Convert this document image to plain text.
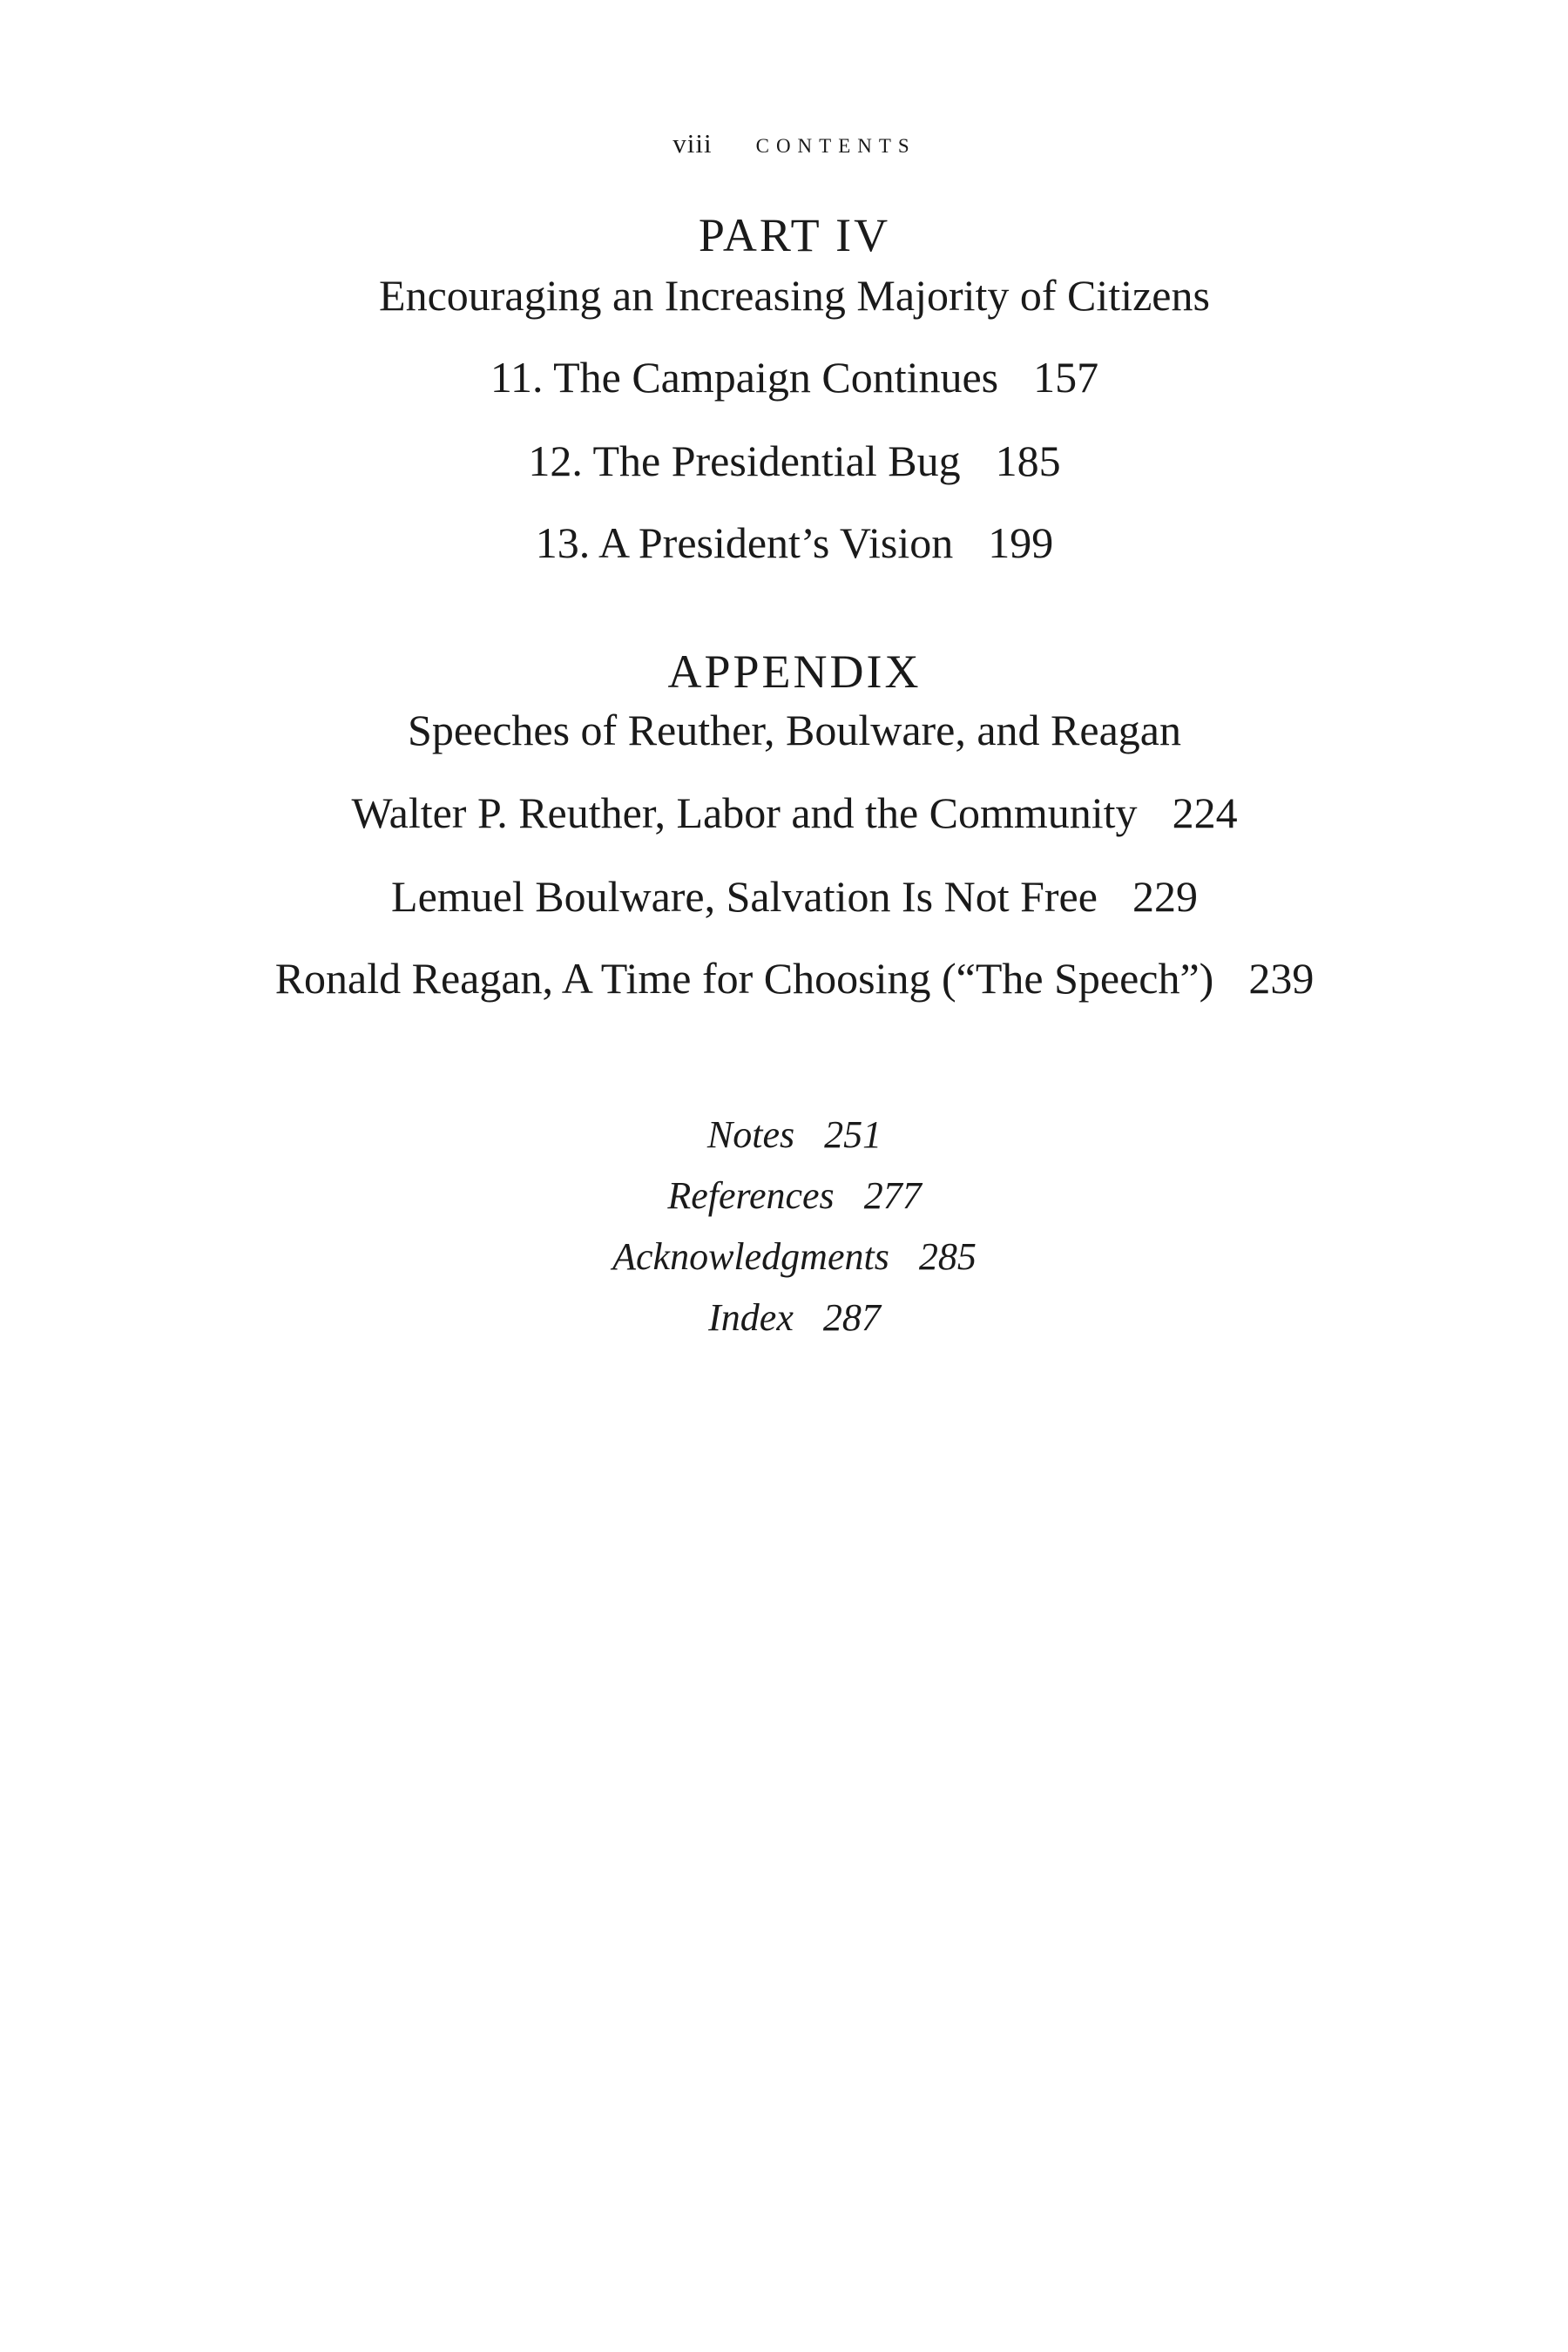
viii	CONTENTS
PART IV
Encouraging an Increasing Majority of Citizens
11. The Campaign Continues 157
12. The Presidential Bug 185
13. A President’s Vision 199
APPENDIX
Speeches of Reuther, Boulware, and Reagan
Walter P. Reuther, Labor and the Community 224
Lemuel Boulware, Salvation Is Not Free 229
Ronald Reagan, A Time for Choosing (“The Speech”) 239
Notes 251
References 277
Acknowledgments 285
Index 287
